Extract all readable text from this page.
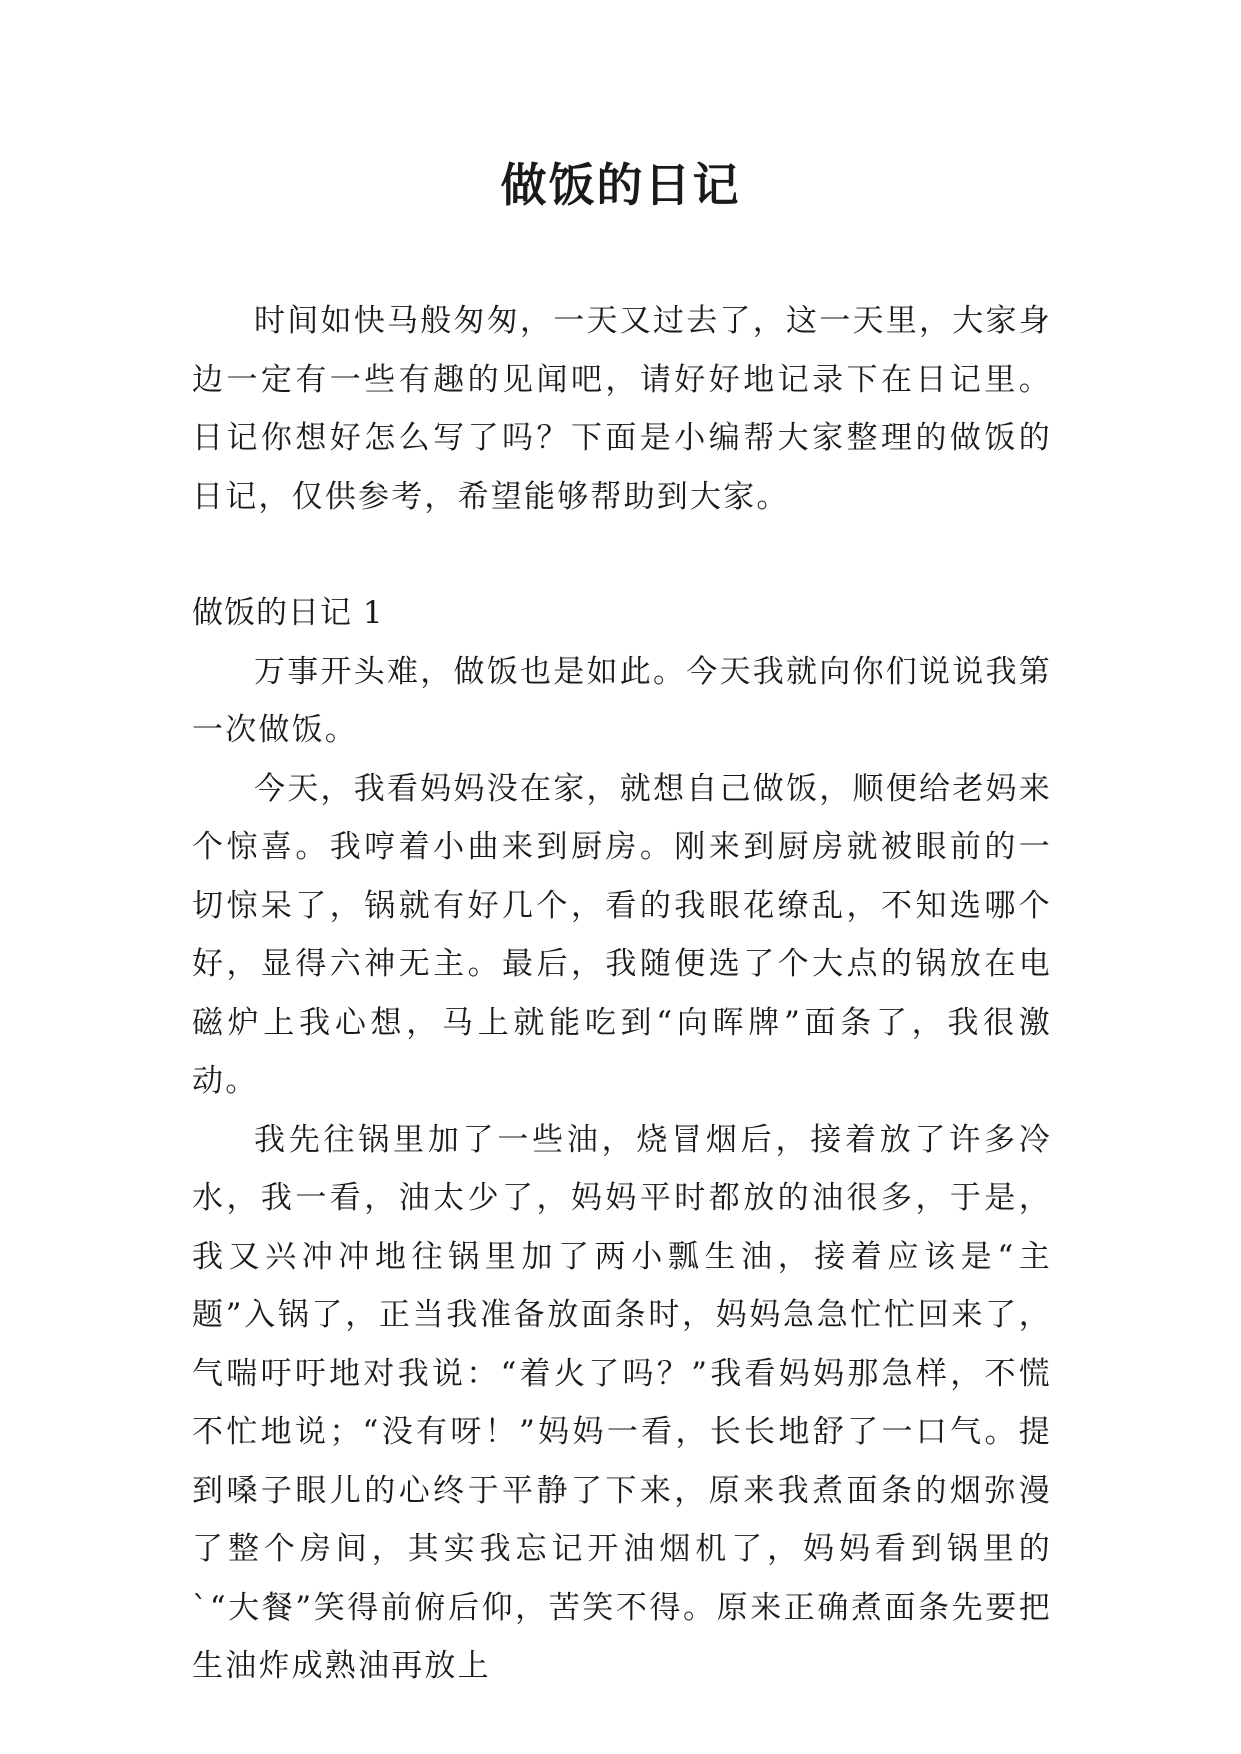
做饭的日记

时间如快马般匆匆，一天又过去了，这一天里，大家身边一定有一些有趣的见闻吧，请好好地记录下在日记里。日记你想好怎么写了吗？下面是小编帮大家整理的做饭的日记，仅供参考，希望能够帮助到大家。

做饭的日记 1

万事开头难，做饭也是如此。今天我就向你们说说我第一次做饭。

今天，我看妈妈没在家，就想自己做饭，顺便给老妈来个惊喜。我哼着小曲来到厨房。刚来到厨房就被眼前的一切惊呆了，锅就有好几个，看的我眼花缭乱，不知选哪个好，显得六神无主。最后，我随便选了个大点的锅放在电磁炉上我心想，马上就能吃到“向晖牌”面条了，我很激动。

我先往锅里加了一些油，烧冒烟后，接着放了许多冷水，我一看，油太少了，妈妈平时都放的油很多，于是，我又兴冲冲地往锅里加了两小瓢生油，接着应该是“主题”入锅了，正当我准备放面条时，妈妈急急忙忙回来了，气喘吁吁地对我说：“着火了吗？”我看妈妈那急样，不慌不忙地说；“没有呀！”妈妈一看，长长地舒了一口气。提到嗓子眼儿的心终于平静了下来，原来我煮面条的烟弥漫了整个房间，其实我忘记开油烟机了，妈妈看到锅里的`“大餐”笑得前俯后仰，苦笑不得。原来正确煮面条先要把生油炸成熟油再放上
